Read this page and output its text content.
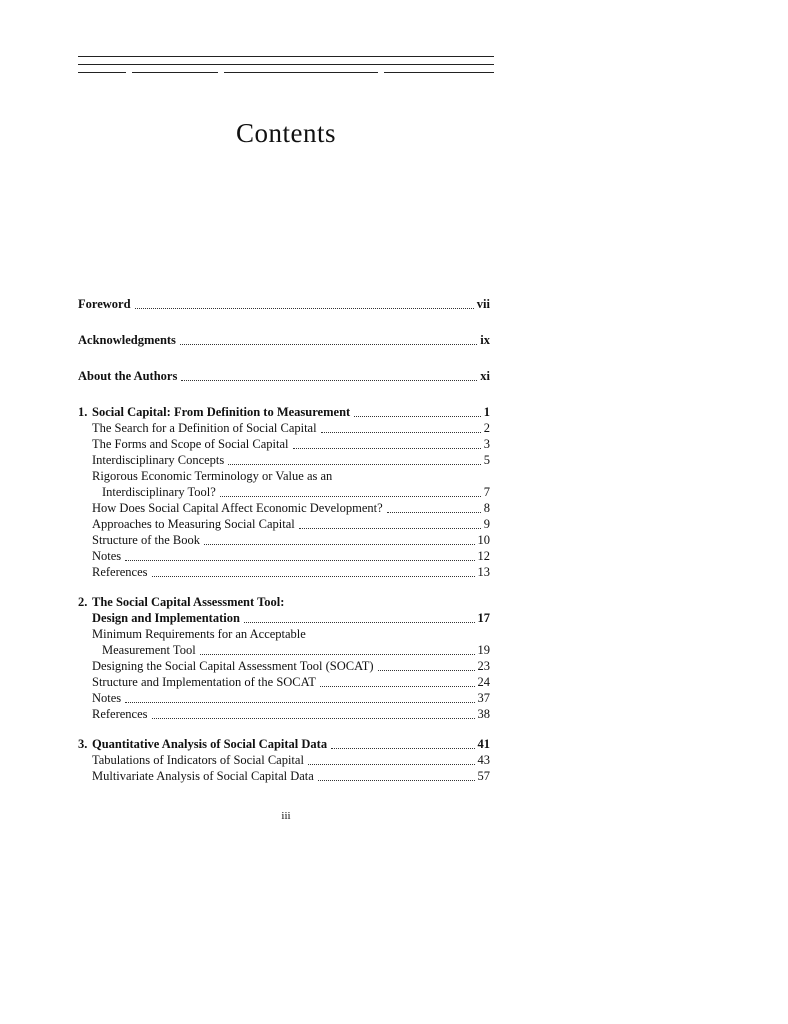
Contents
Foreword	vii
Acknowledgments	ix
About the Authors	xi
1. Social Capital: From Definition to Measurement	1
The Search for a Definition of Social Capital	2
The Forms and Scope of Social Capital	3
Interdisciplinary Concepts	5
Rigorous Economic Terminology or Value as an
Interdisciplinary Tool?	7
How Does Social Capital Affect Economic Development?	8
Approaches to Measuring Social Capital	9
Structure of the Book	10
Notes	12
References	13
2. The Social Capital Assessment Tool:
Design and Implementation	17
Minimum Requirements for an Acceptable
Measurement Tool	19
Designing the Social Capital Assessment Tool (SOCAT)	23
Structure and Implementation of the SOCAT	24
Notes	37
References	38
3. Quantitative Analysis of Social Capital Data	41
Tabulations of Indicators of Social Capital	43
Multivariate Analysis of Social Capital Data	57
iii
